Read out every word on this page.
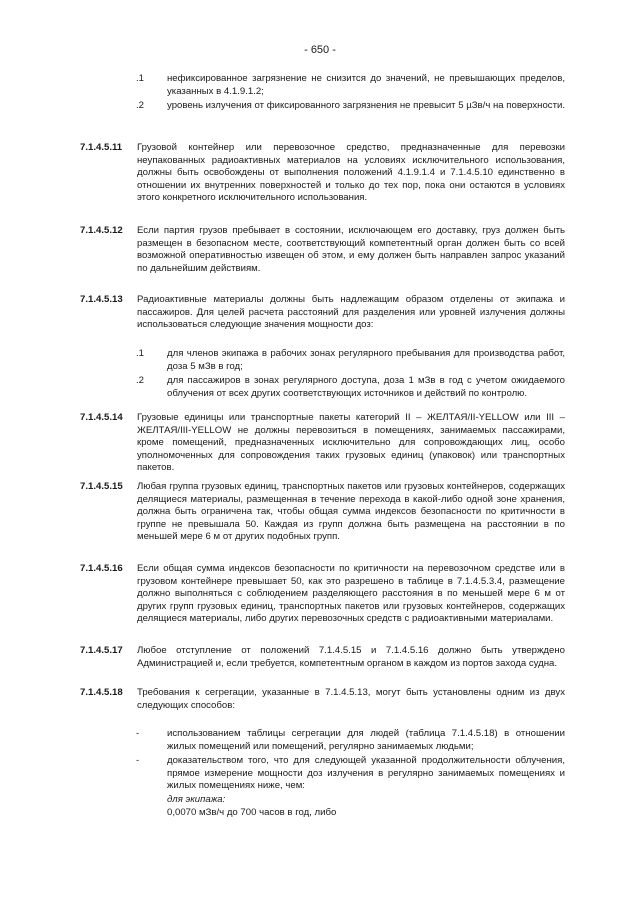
- 650 -
.1 нефиксированное загрязнение не снизится до значений, не превышающих пределов, указанных в 4.1.9.1.2;
.2 уровень излучения от фиксированного загрязнения не превысит 5 µЗв/ч на поверхности.
7.1.4.5.11 Грузовой контейнер или перевозочное средство, предназначенные для перевозки неупакованных радиоактивных материалов на условиях исключительного использования, должны быть освобождены от выполнения положений 4.1.9.1.4 и 7.1.4.5.10 единственно в отношении их внутренних поверхностей и только до тех пор, пока они остаются в условиях этого конкретного исключительного использования.
7.1.4.5.12 Если партия грузов пребывает в состоянии, исключающем его доставку, груз должен быть размещен в безопасном месте, соответствующий компетентный орган должен быть со всей возможной оперативностью извещен об этом, и ему должен быть направлен запрос указаний по дальнейшим действиям.
7.1.4.5.13 Радиоактивные материалы должны быть надлежащим образом отделены от экипажа и пассажиров. Для целей расчета расстояний для разделения или уровней излучения должны использоваться следующие значения мощности доз:
.1 для членов экипажа в рабочих зонах регулярного пребывания для производства работ, доза 5 мЗв в год;
.2 для пассажиров в зонах регулярного доступа, доза 1 мЗв в год с учетом ожидаемого облучения от всех других соответствующих источников и действий по контролю.
7.1.4.5.14 Грузовые единицы или транспортные пакеты категорий II – ЖЕЛТАЯ/II-YELLOW или III – ЖЕЛТАЯ/III-YELLOW не должны перевозиться в помещениях, занимаемых пассажирами, кроме помещений, предназначенных исключительно для сопровождающих лиц, особо уполномоченных для сопровождения таких грузовых единиц (упаковок) или транспортных пакетов.
7.1.4.5.15 Любая группа грузовых единиц, транспортных пакетов или грузовых контейнеров, содержащих делящиеся материалы, размещенная в течение перехода в какой-либо одной зоне хранения, должна быть ограничена так, чтобы общая сумма индексов безопасности по критичности в группе не превышала 50. Каждая из групп должна быть размещена на расстоянии в по меньшей мере 6 м от других подобных групп.
7.1.4.5.16 Если общая сумма индексов безопасности по критичности на перевозочном средстве или в грузовом контейнере превышает 50, как это разрешено в таблице в 7.1.4.5.3.4, размещение должно выполняться с соблюдением разделяющего расстояния в по меньшей мере 6 м от других групп грузовых единиц, транспортных пакетов или грузовых контейнеров, содержащих делящиеся материалы, либо других перевозочных средств с радиоактивными материалами.
7.1.4.5.17 Любое отступление от положений 7.1.4.5.15 и 7.1.4.5.16 должно быть утверждено Администрацией и, если требуется, компетентным органом в каждом из портов захода судна.
7.1.4.5.18 Требования к сегрегации, указанные в 7.1.4.5.13, могут быть установлены одним из двух следующих способов:
-	использованием таблицы сегрегации для людей (таблица 7.1.4.5.18) в отношении жилых помещений или помещений, регулярно занимаемых людьми;
-	доказательством того, что для следующей указанной продолжительности облучения, прямое измерение мощности доз излучения в регулярно занимаемых помещениях и жилых помещениях ниже, чем:
для экипажа:
0,0070 мЗв/ч до 700 часов в год, либо
